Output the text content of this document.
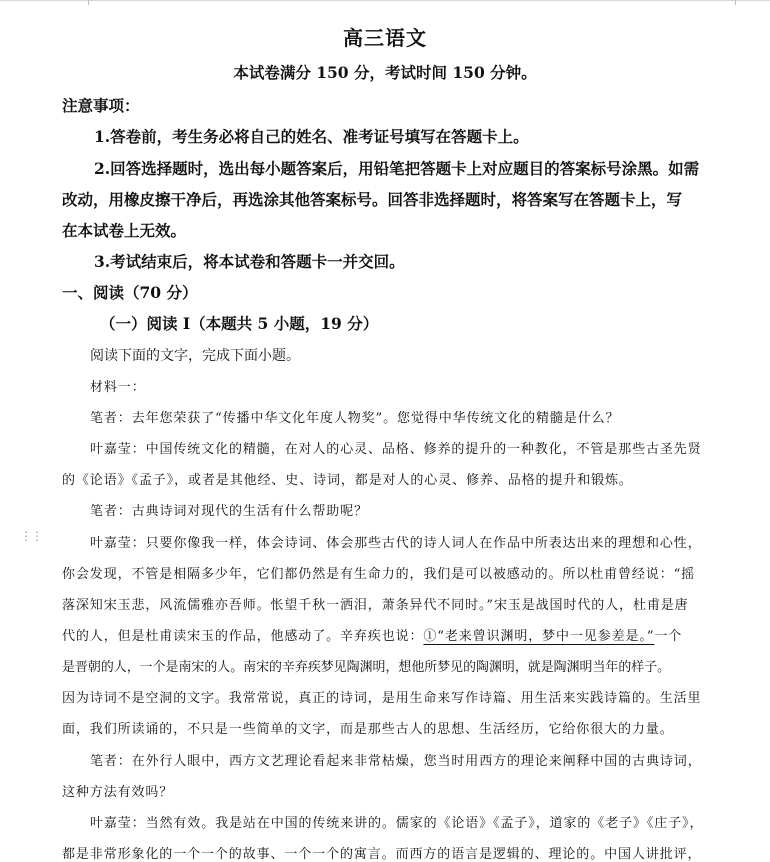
⋮⋮
高三语文
本试卷满分 150 分，考试时间 150 分钟。
注意事项：
1.答卷前，考生务必将自己的姓名、准考证号填写在答题卡上。
2.回答选择题时，选出每小题答案后，用铅笔把答题卡上对应题目的答案标号涂黑。如需
改动，用橡皮擦干净后，再选涂其他答案标号。回答非选择题时，将答案写在答题卡上，写
在本试卷上无效。
3.考试结束后，将本试卷和答题卡一并交回。
一、阅读（70 分）
（一）阅读 Ⅰ（本题共 5 小题，19 分）
阅读下面的文字，完成下面小题。
材料一：
笔者：去年您荣获了“传播中华文化年度人物奖”。您觉得中华传统文化的精髓是什么？
叶嘉莹：中国传统文化的精髓，在对人的心灵、品格、修养的提升的一种教化，不管是那些古圣先贤
的《论语》《孟子》，或者是其他经、史、诗词，都是对人的心灵、修养、品格的提升和锻炼。
笔者：古典诗词对现代的生活有什么帮助呢？
叶嘉莹：只要你像我一样，体会诗词、体会那些古代的诗人词人在作品中所表达出来的理想和心性，
你会发现，不管是相隔多少年，它们都仍然是有生命力的，我们是可以被感动的。所以杜甫曾经说：“摇
落深知宋玉悲，风流儒雅亦吾师。怅望千秋一洒泪，萧条异代不同时。”宋玉是战国时代的人，杜甫是唐
代的人，但是杜甫读宋玉的作品，他感动了。辛弃疾也说：①“老来曾识渊明，梦中一见参差是。”一个
是晋朝的人，一个是南宋的人。南宋的辛弃疾梦见陶渊明，想他所梦见的陶渊明，就是陶渊明当年的样子。
因为诗词不是空洞的文字。我常常说，真正的诗词，是用生命来写作诗篇、用生活来实践诗篇的。生活里
面，我们所读诵的，不只是一些简单的文字，而是那些古人的思想、生活经历，它给你很大的力量。
笔者：在外行人眼中，西方文艺理论看起来非常枯燥，您当时用西方的理论来阐释中国的古典诗词，
这种方法有效吗？
叶嘉莹：当然有效。我是站在中国的传统来讲的。儒家的《论语》《孟子》，道家的《老子》《庄子》，
都是非常形象化的一个一个的故事、一个一个的寓言。而西方的语言是逻辑的、理论的。中国人讲批评，
